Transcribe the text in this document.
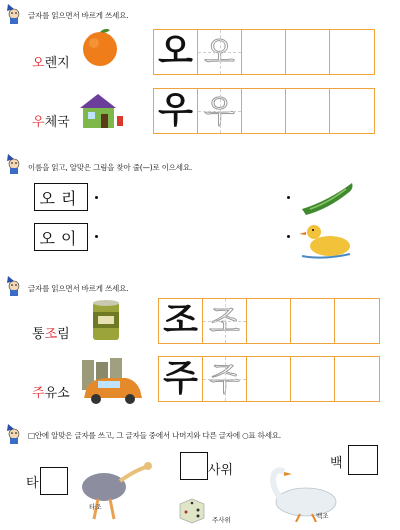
글자를 읽으면서 바르게 쓰세요.
오렌지 오 오
우체국 우 우
이름을 읽고, 알맞은 그림을 찾아 줄(—)로 이으세요.
오리
오이
글자를 읽으면서 바르게 쓰세요.
통조림	조 조
주유소	주 주
□안에 알맞은 글자를 쓰고, 그 글자들 중에서 나머지와 다른 글자에 ○표 하세요.
타
타조
사위
주사위
백
백조
